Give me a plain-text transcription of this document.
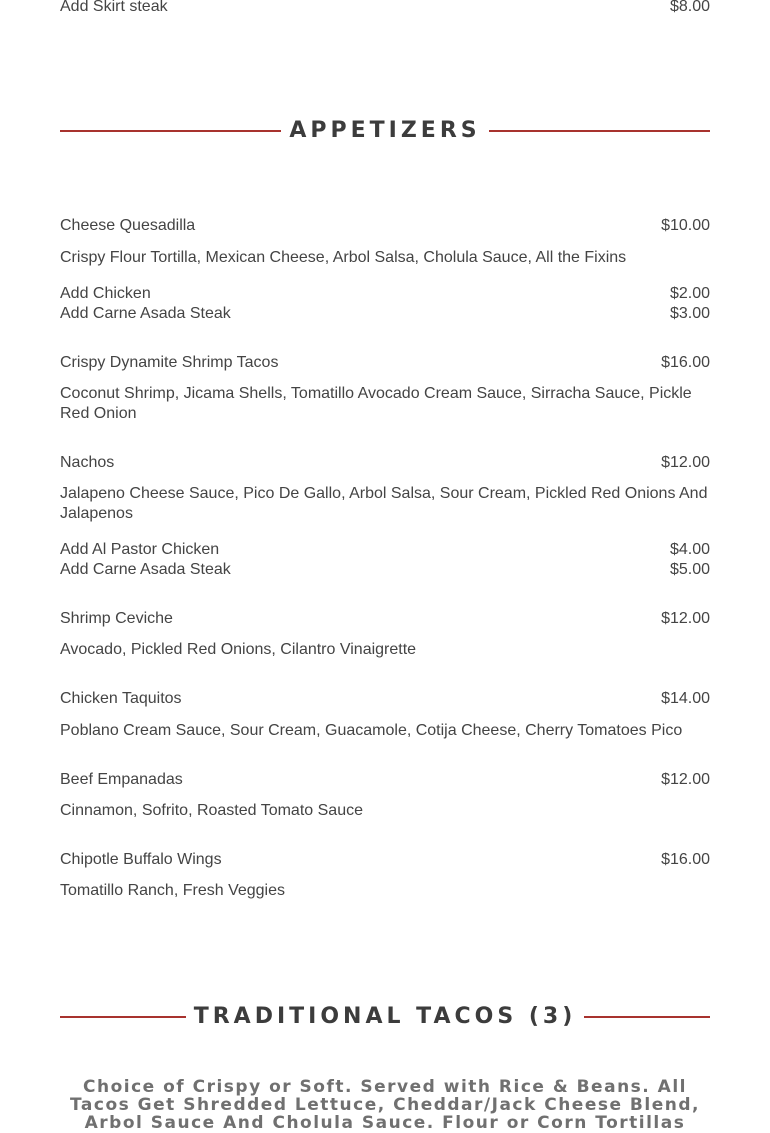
Add Skirt steak	$8.00
APPETIZERS
Cheese Quesadilla	$10.00
Crispy Flour Tortilla, Mexican Cheese, Arbol Salsa, Cholula Sauce, All the Fixins
Add Chicken	$2.00
Add Carne Asada Steak	$3.00
Crispy Dynamite Shrimp Tacos	$16.00
Coconut Shrimp, Jicama Shells, Tomatillo Avocado Cream Sauce, Sirracha Sauce, Pickle Red Onion
Nachos	$12.00
Jalapeno Cheese Sauce, Pico De Gallo, Arbol Salsa, Sour Cream, Pickled Red Onions And Jalapenos
Add Al Pastor Chicken	$4.00
Add Carne Asada Steak	$5.00
Shrimp Ceviche	$12.00
Avocado, Pickled Red Onions, Cilantro Vinaigrette
Chicken Taquitos	$14.00
Poblano Cream Sauce, Sour Cream, Guacamole, Cotija Cheese, Cherry Tomatoes Pico
Beef Empanadas	$12.00
Cinnamon, Sofrito, Roasted Tomato Sauce
Chipotle Buffalo Wings	$16.00
Tomatillo Ranch, Fresh Veggies
TRADITIONAL TACOS (3)
Choice of Crispy or Soft. Served with Rice & Beans. All Tacos Get Shredded Lettuce, Cheddar/Jack Cheese Blend, Arbol Sauce And Cholula Sauce. Flour or Corn Tortillas
